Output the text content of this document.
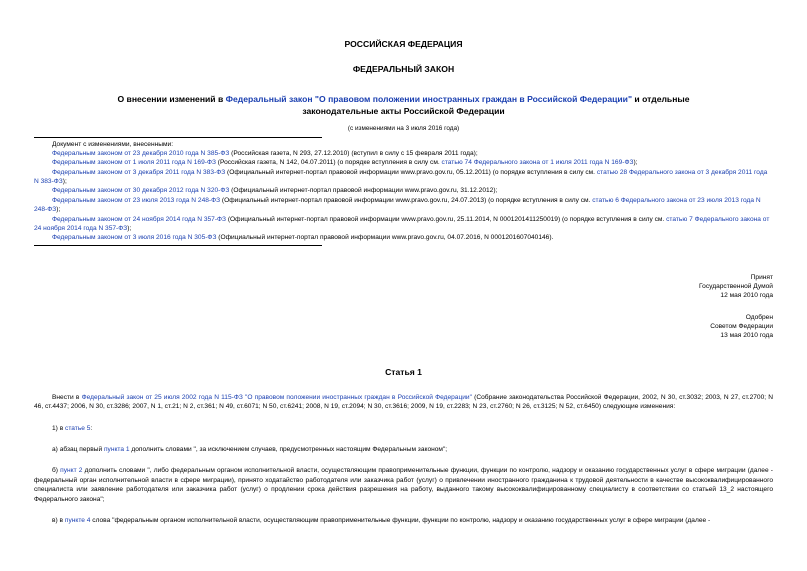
РОССИЙСКАЯ ФЕДЕРАЦИЯ
ФЕДЕРАЛЬНЫЙ ЗАКОН
О внесении изменений в Федеральный закон "О правовом положении иностранных граждан в Российской Федерации" и отдельные законодательные акты Российской Федерации
(с изменениями на 3 июля 2016 года)

Документ с изменениями, внесенными:

Федеральным законом от 23 декабря 2010 года N 385-ФЗ (Российская газета, N 293, 27.12.2010) (вступил в силу с 15 февраля 2011 года);

Федеральным законом от 1 июля 2011 года N 169-ФЗ (Российская газета, N 142, 04.07.2011) (о порядке вступления в силу см. статью 74 Федерального закона от 1 июля 2011 года N 169-ФЗ);

Федеральным законом от 3 декабря 2011 года N 383-ФЗ (Официальный интернет-портал правовой информации www.pravo.gov.ru, 05.12.2011) (о порядке вступления в силу см. статью 28 Федерального закона от 3 декабря 2011 года N 383-ФЗ);

Федеральным законом от 30 декабря 2012 года N 320-ФЗ (Официальный интернет-портал правовой информации www.pravo.gov.ru, 31.12.2012);

Федеральным законом от 23 июля 2013 года N 248-ФЗ (Официальный интернет-портал правовой информации www.pravo.gov.ru, 24.07.2013) (о порядке вступления в силу см. статью 6 Федерального закона от 23 июля 2013 года N 248-ФЗ);

Федеральным законом от 24 ноября 2014 года N 357-ФЗ (Официальный интернет-портал правовой информации www.pravo.gov.ru, 25.11.2014, N 0001201411250019) (о порядке вступления в силу см. статью 7 Федерального закона от 24 ноября 2014 года N 357-ФЗ);

Федеральным законом от 3 июля 2016 года N 305-ФЗ (Официальный интернет-портал правовой информации www.pravo.gov.ru, 04.07.2016, N 0001201607040146).

Принят

Государственной Думой

12 мая 2010 года

Одобрен

Советом Федерации

13 мая 2010 года

Статья 1

Внести в Федеральный закон от 25 июля 2002 года N 115-ФЗ "О правовом положении иностранных граждан в Российской Федерации" (Собрание законодательства Российской Федерации, 2002, N 30, ст.3032; 2003, N 27, ст.2700; N 46, ст.4437; 2006, N 30, ст.3286; 2007, N 1, ст.21; N 2, ст.361; N 49, ст.6071; N 50, ст.6241; 2008, N 19, ст.2094; N 30, ст.3616; 2009, N 19, ст.2283; N 23, ст.2760; N 26, ст.3125; N 52, ст.6450) следующие изменения:

1) в статье 5:

а) абзац первый пункта 1 дополнить словами ", за исключением случаев, предусмотренных настоящим Федеральным законом";

б) пункт 2 дополнить словами ", либо федеральным органом исполнительной власти, осуществляющим правоприменительные функции, функции по контролю, надзору и оказанию государственных услуг в сфере миграции (далее - федеральный орган исполнительной власти в сфере миграции), принято ходатайство работодателя или заказчика работ (услуг) о привлечении иностранного гражданина к трудовой деятельности в качестве высококвалифицированного специалиста или заявление работодателя или заказчика работ (услуг) о продлении срока действия разрешения на работу, выданного такому высококвалифицированному специалисту в соответствии со статьей 13_2 настоящего Федерального закона";

в) в пункте 4 слова "федеральным органом исполнительной власти, осуществляющим правоприменительные функции, функции по контролю, надзору и оказанию государственных услуг в сфере миграции (далее -
